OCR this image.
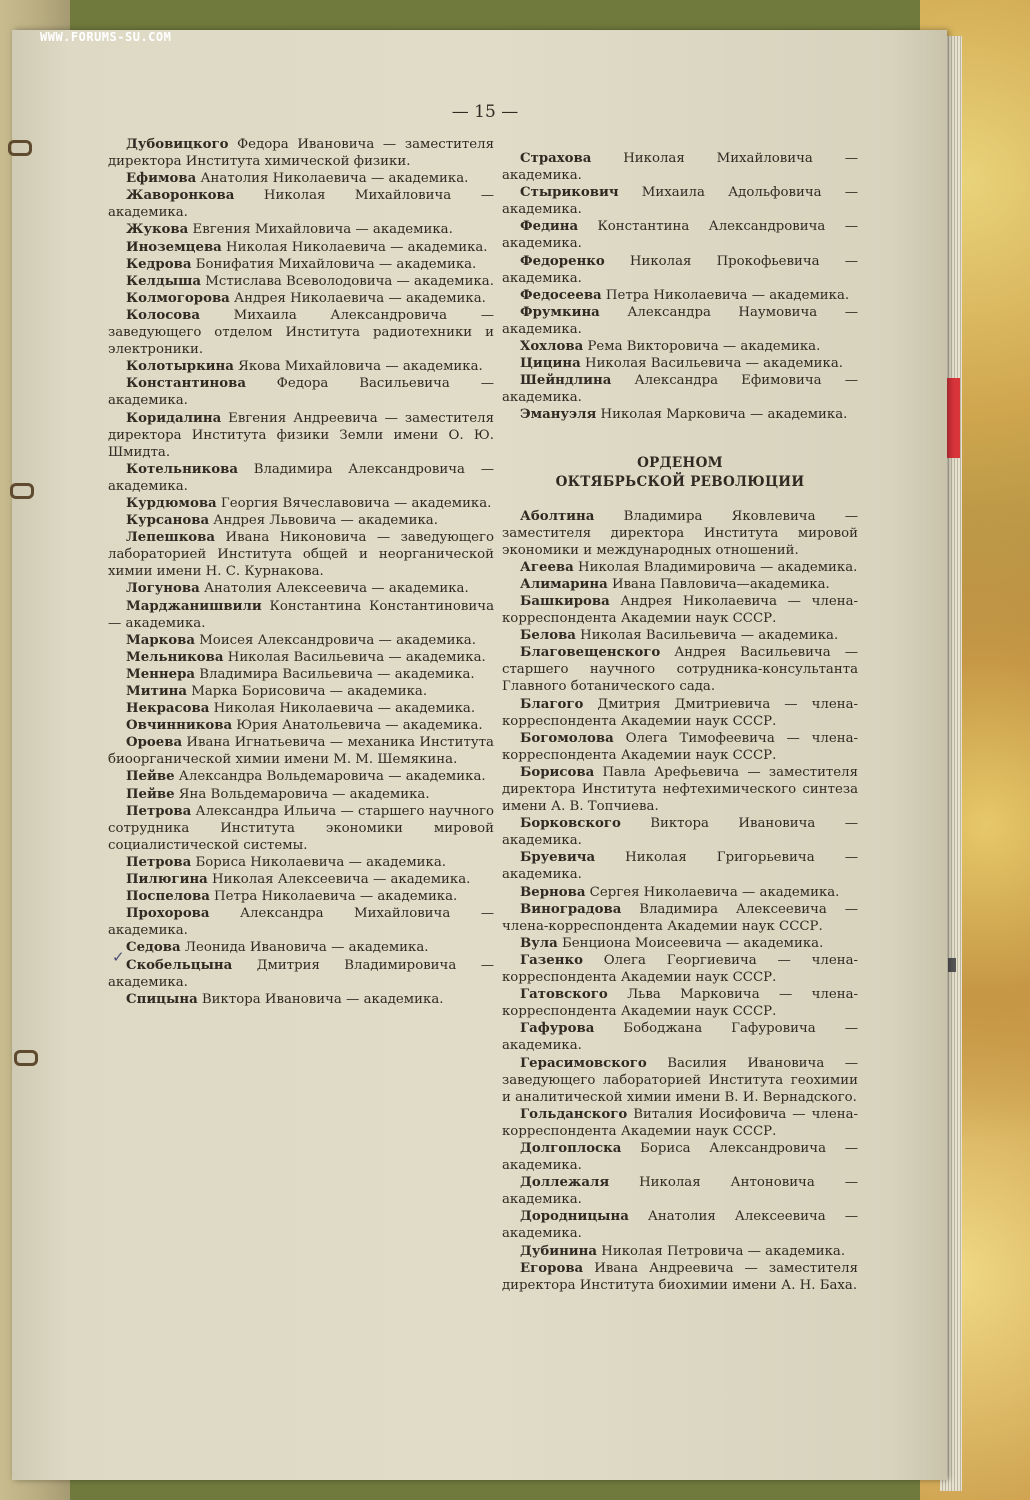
WWW.FORUMS-SU.COM
— 15 —
✓
Дубовицкого Федора Ивановича — заместителя директора Института химической физики.
Ефимова Анатолия Николаевича — академика.
Жаворонкова Николая Михайловича — академика.
Жукова Евгения Михайловича — академика.
Иноземцева Николая Николаевича — академика.
Кедрова Бонифатия Михайловича — академика.
Келдыша Мстислава Всеволодовича — академика.
Колмогорова Андрея Николаевича — академика.
Колосова Михаила Александровича — заведующего отделом Института радиотехники и электроники.
Колотыркина Якова Михайловича — академика.
Константинова Федора Васильевича — академика.
Коридалина Евгения Андреевича — заместителя директора Института физики Земли имени О. Ю. Шмидта.
Котельникова Владимира Александровича — академика.
Курдюмова Георгия Вячеславовича — академика.
Курсанова Андрея Львовича — академика.
Лепешкова Ивана Никоновича — заведующего лабораторией Института общей и неорганической химии имени Н. С. Курнакова.
Логунова Анатолия Алексеевича — академика.
Марджанишвили Константина Константиновича — академика.
Маркова Моисея Александровича — академика.
Мельникова Николая Васильевича — академика.
Меннера Владимира Васильевича — академика.
Митина Марка Борисовича — академика.
Некрасова Николая Николаевича — академика.
Овчинникова Юрия Анатольевича — академика.
Ороева Ивана Игнатьевича — механика Института биоорганической химии имени М. М. Шемякина.
Пейве Александра Вольдемаровича — академика.
Пейве Яна Вольдемаровича — академика.
Петрова Александра Ильича — старшего научного сотрудника Института экономики мировой социалистической системы.
Петрова Бориса Николаевича — академика.
Пилюгина Николая Алексеевича — академика.
Поспелова Петра Николаевича — академика.
Прохорова Александра Михайловича — академика.
Седова Леонида Ивановича — академика.
Скобельцына Дмитрия Владимировича — академика.
Спицына Виктора Ивановича — академика.
Страхова Николая Михайловича — академика.
Стырикович Михаила Адольфовича — академика.
Федина Константина Александровича — академика.
Федоренко Николая Прокофьевича — академика.
Федосеева Петра Николаевича — академика.
Фрумкина Александра Наумовича — академика.
Хохлова Рема Викторовича — академика.
Цицина Николая Васильевича — академика.
Шейндлина Александра Ефимовича — академика.
Эмануэля Николая Марковича — академика.
ОРДЕНОМ
ОКТЯБРЬСКОЙ РЕВОЛЮЦИИ
Аболтина Владимира Яковлевича — заместителя директора Института мировой экономики и международных отношений.
Агеева Николая Владимировича — академика.
Алимарина Ивана Павловича—академика.
Башкирова Андрея Николаевича — члена-корреспондента Академии наук СССР.
Белова Николая Васильевича — академика.
Благовещенского Андрея Васильевича — старшего научного сотрудника-консультанта Главного ботанического сада.
Благого Дмитрия Дмитриевича — члена-корреспондента Академии наук СССР.
Богомолова Олега Тимофеевича — члена-корреспондента Академии наук СССР.
Борисова Павла Арефьевича — заместителя директора Института нефтехимического синтеза имени А. В. Топчиева.
Борковского Виктора Ивановича — академика.
Бруевича Николая Григорьевича — академика.
Вернова Сергея Николаевича — академика.
Виноградова Владимира Алексеевича — члена-корреспондента Академии наук СССР.
Вула Бенциона Моисеевича — академика.
Газенко Олега Георгиевича — члена-корреспондента Академии наук СССР.
Гатовского Льва Марковича — члена-корреспондента Академии наук СССР.
Гафурова Бободжана Гафуровича — академика.
Герасимовского Василия Ивановича — заведующего лабораторией Института геохимии и аналитической химии имени В. И. Вернадского.
Гольданского Виталия Иосифовича — члена-корреспондента Академии наук СССР.
Долгоплоска Бориса Александровича — академика.
Доллежаля Николая Антоновича — академика.
Дородницына Анатолия Алексеевича — академика.
Дубинина Николая Петровича — академика.
Егорова Ивана Андреевича — заместителя директора Института биохимии имени А. Н. Баха.
